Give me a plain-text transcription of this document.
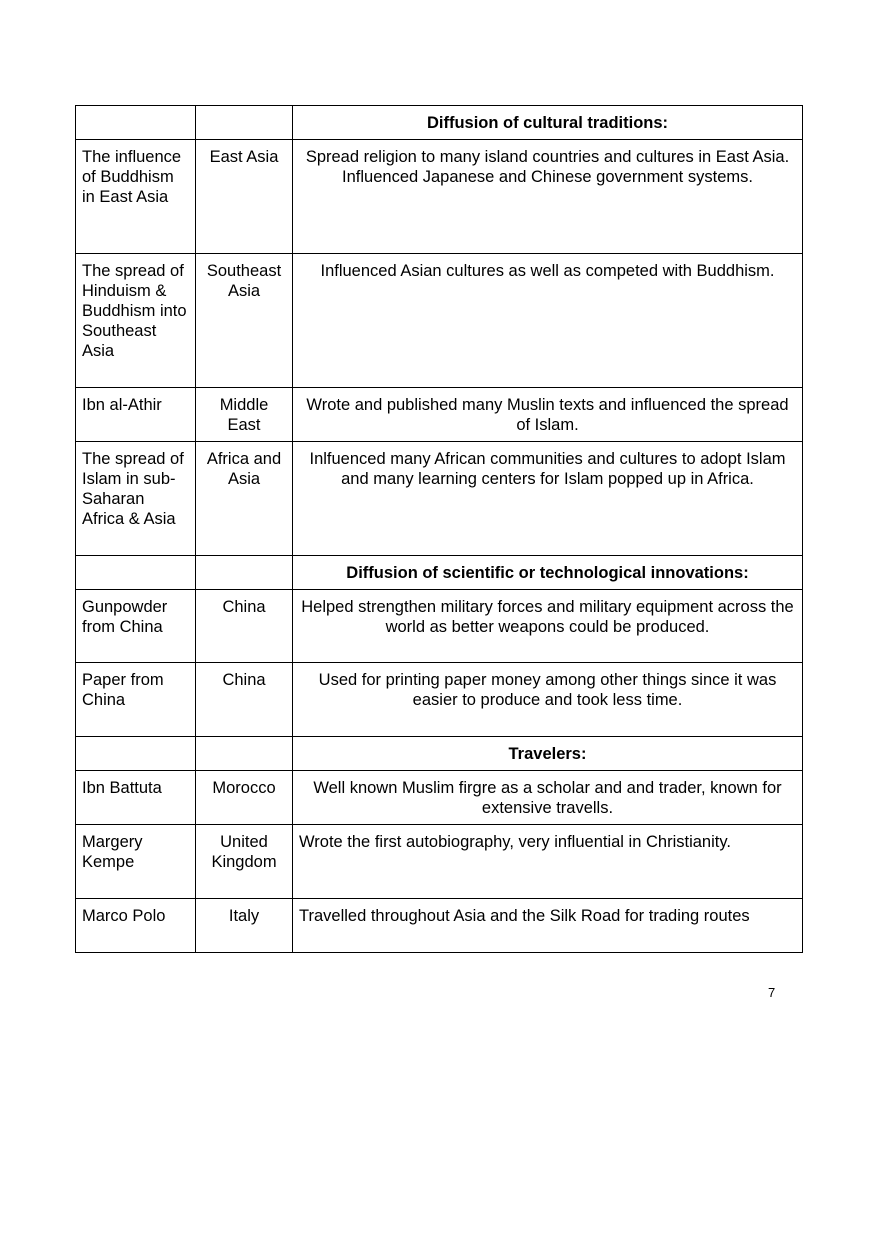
		Diffusion of cultural traditions:
The influence of Buddhism in East Asia	East Asia	Spread religion to many island countries and cultures in East Asia. Influenced Japanese and Chinese government systems.
The spread of Hinduism & Buddhism into Southeast Asia	Southeast Asia	Influenced Asian cultures as well as competed with Buddhism.
Ibn al-Athir	Middle East	Wrote and published many Muslin texts and influenced the spread of Islam.
The spread of Islam in sub-Saharan Africa & Asia	Africa and Asia	Inlfuenced many African communities and cultures to adopt Islam and many learning centers for Islam popped up in Africa.
		Diffusion of scientific or technological innovations:
Gunpowder from China	China	Helped strengthen military forces and military equipment across the world as better weapons could be produced.
Paper from China	China	Used for printing paper money among other things since it was easier to produce and took less time.
		Travelers:
Ibn Battuta	Morocco	Well known Muslim firgre as a scholar and and trader, known for extensive travells.
Margery Kempe	United Kingdom	Wrote the first autobiography, very influential in Christianity.
Marco Polo	Italy	Travelled throughout Asia and the Silk Road for trading routes
7
